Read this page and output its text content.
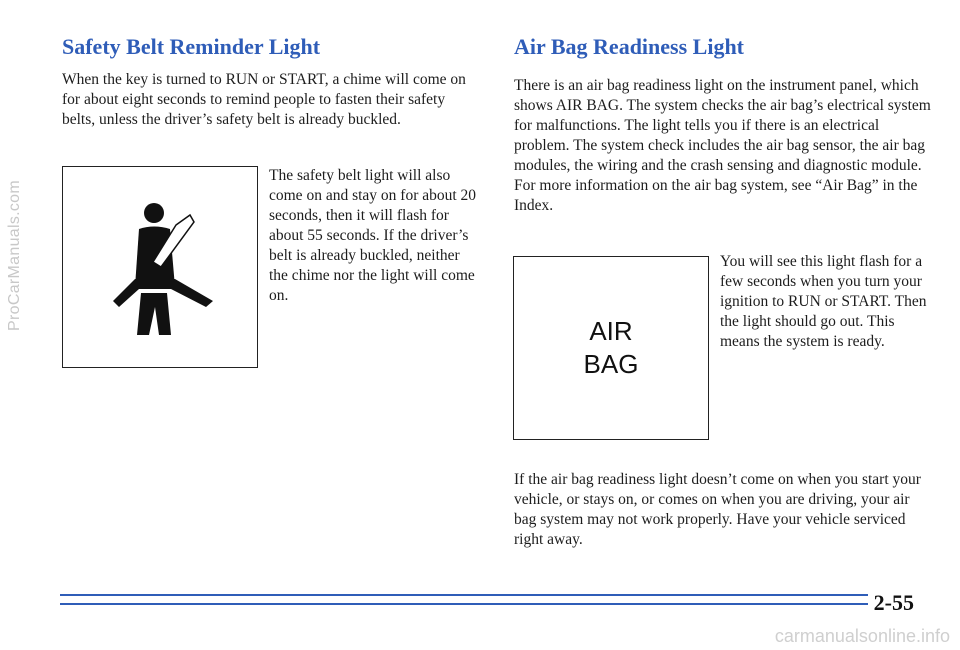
ProCarManuals.com
Safety Belt Reminder Light

When the key is turned to RUN or START, a chime will come on for about eight seconds to remind people to fasten their safety belts, unless the driver’s safety belt is already buckled.

The safety belt light will also come on and stay on for about 20 seconds, then it will flash for about 55 seconds. If the driver’s belt is already buckled, neither the chime nor the light will come on.

Air Bag Readiness Light

There is an air bag readiness light on the instrument panel, which shows AIR BAG. The system checks the air bag’s electrical system for malfunctions. The light tells you if there is an electrical problem. The system check includes the air bag sensor, the air bag modules, the wiring and the crash sensing and diagnostic module. For more information on the air bag system, see “Air Bag” in the Index.

AIR
BAG

You will see this light flash for a few seconds when you turn your ignition to RUN or START. Then the light should go out. This means the system is ready.

If the air bag readiness light doesn’t come on when you start your vehicle, or stays on, or comes on when you are driving, your air bag system may not work properly. Have your vehicle serviced right away.

2-55

carmanualsonline.info
